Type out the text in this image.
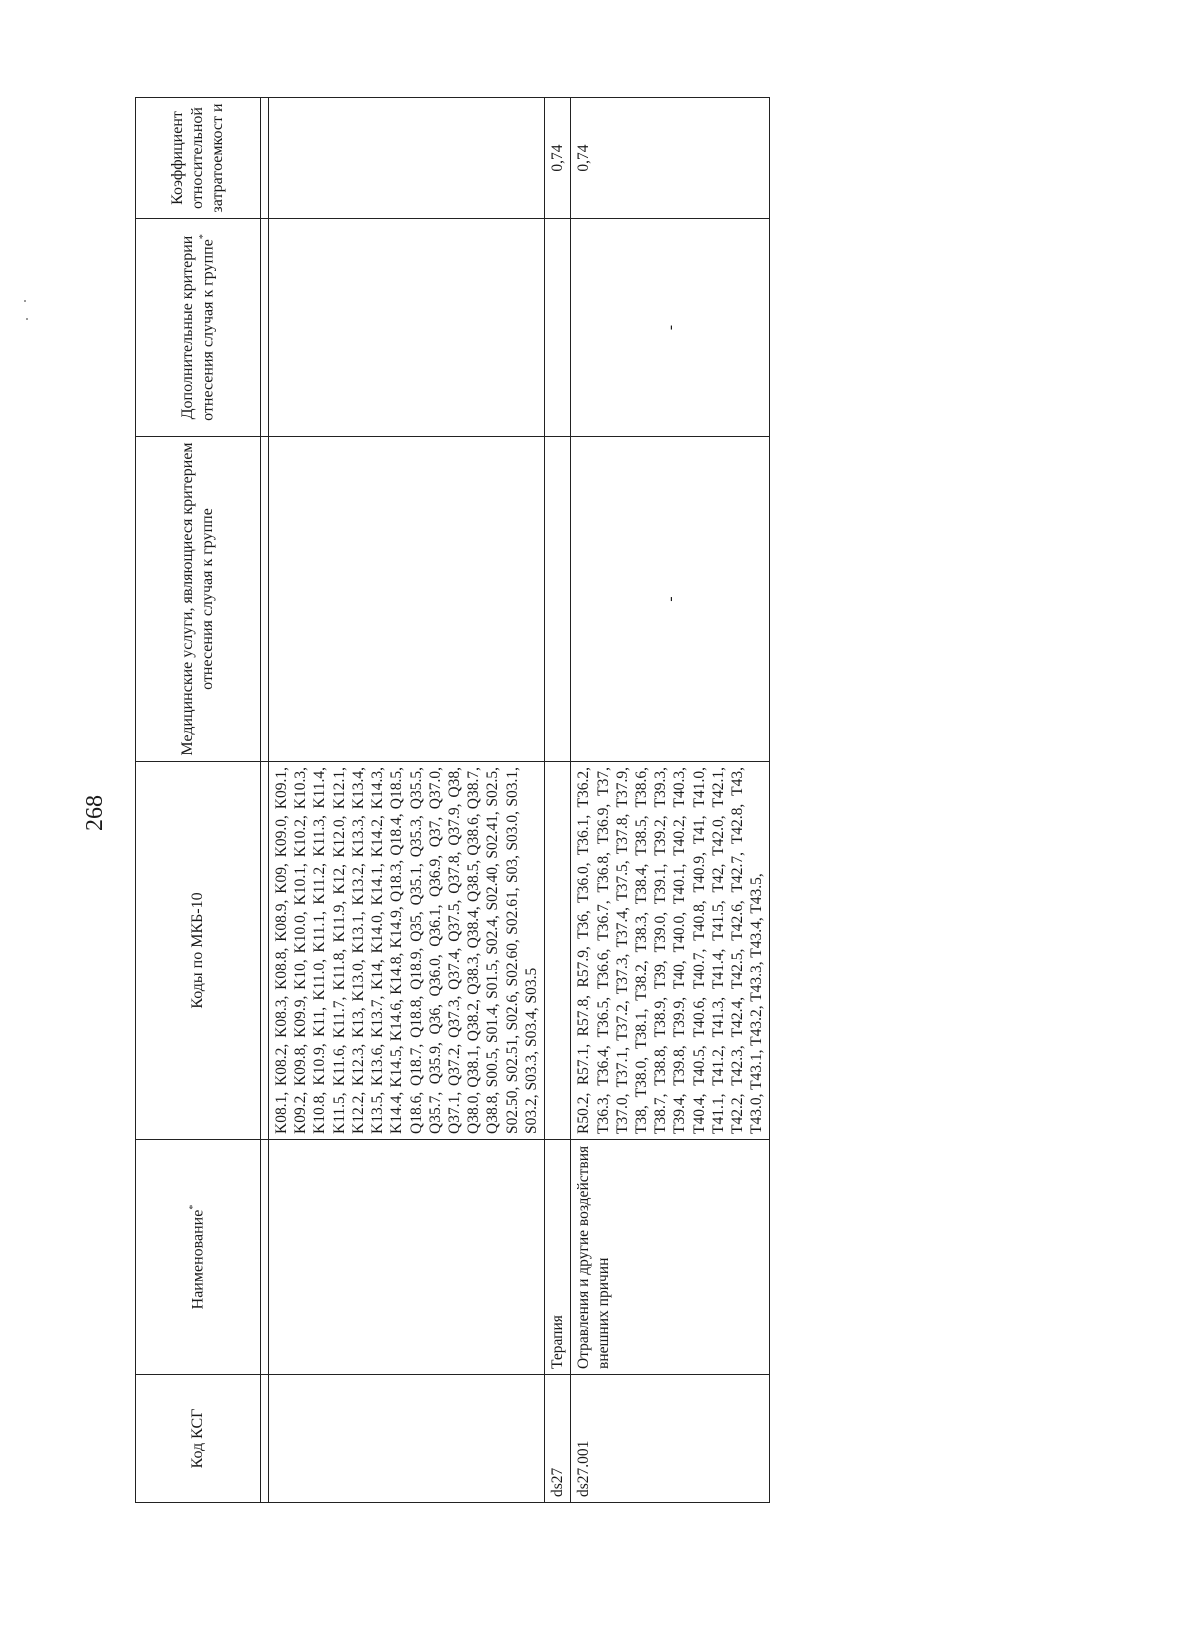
268
Код КСГ	Наименование*	Коды по МКБ-10	Медицинские услуги, являющиеся критерием отнесения случая к группе	Дополнительные критерии отнесения случая к группе*	Коэффициент относительной затратоемкост и

		K08.1, K08.2, K08.3, K08.8, K08.9, K09, K09.0, K09.1, K09.2, K09.8, K09.9, K10, K10.0, K10.1, K10.2, K10.3, K10.8, K10.9, K11, K11.0, K11.1, K11.2, K11.3, K11.4, K11.5, K11.6, K11.7, K11.8, K11.9, K12, K12.0, K12.1, K12.2, K12.3, K13, K13.0, K13.1, K13.2, K13.3, K13.4, K13.5, K13.6, K13.7, K14, K14.0, K14.1, K14.2, K14.3, K14.4, K14.5, K14.6, K14.8, K14.9, Q18.3, Q18.4, Q18.5, Q18.6, Q18.7, Q18.8, Q18.9, Q35, Q35.1, Q35.3, Q35.5, Q35.7, Q35.9, Q36, Q36.0, Q36.1, Q36.9, Q37, Q37.0, Q37.1, Q37.2, Q37.3, Q37.4, Q37.5, Q37.8, Q37.9, Q38, Q38.0, Q38.1, Q38.2, Q38.3, Q38.4, Q38.5, Q38.6, Q38.7, Q38.8, S00.5, S01.4, S01.5, S02.4, S02.40, S02.41, S02.5, S02.50, S02.51, S02.6, S02.60, S02.61, S03, S03.0, S03.1, S03.2, S03.3, S03.4, S03.5			
ds27	Терапия				0,74
ds27.001	Отравления и другие воздействия внешних причин	R50.2, R57.1, R57.8, R57.9, T36, T36.0, T36.1, T36.2, T36.3, T36.4, T36.5, T36.6, T36.7, T36.8, T36.9, T37, T37.0, T37.1, T37.2, T37.3, T37.4, T37.5, T37.8, T37.9, T38, T38.0, T38.1, T38.2, T38.3, T38.4, T38.5, T38.6, T38.7, T38.8, T38.9, T39, T39.0, T39.1, T39.2, T39.3, T39.4, T39.8, T39.9, T40, T40.0, T40.1, T40.2, T40.3, T40.4, T40.5, T40.6, T40.7, T40.8, T40.9, T41, T41.0, T41.1, T41.2, T41.3, T41.4, T41.5, T42, T42.0, T42.1, T42.2, T42.3, T42.4, T42.5, T42.6, T42.7, T42.8, T43, T43.0, T43.1, T43.2, T43.3, T43.4, T43.5,	-	-	0,74
